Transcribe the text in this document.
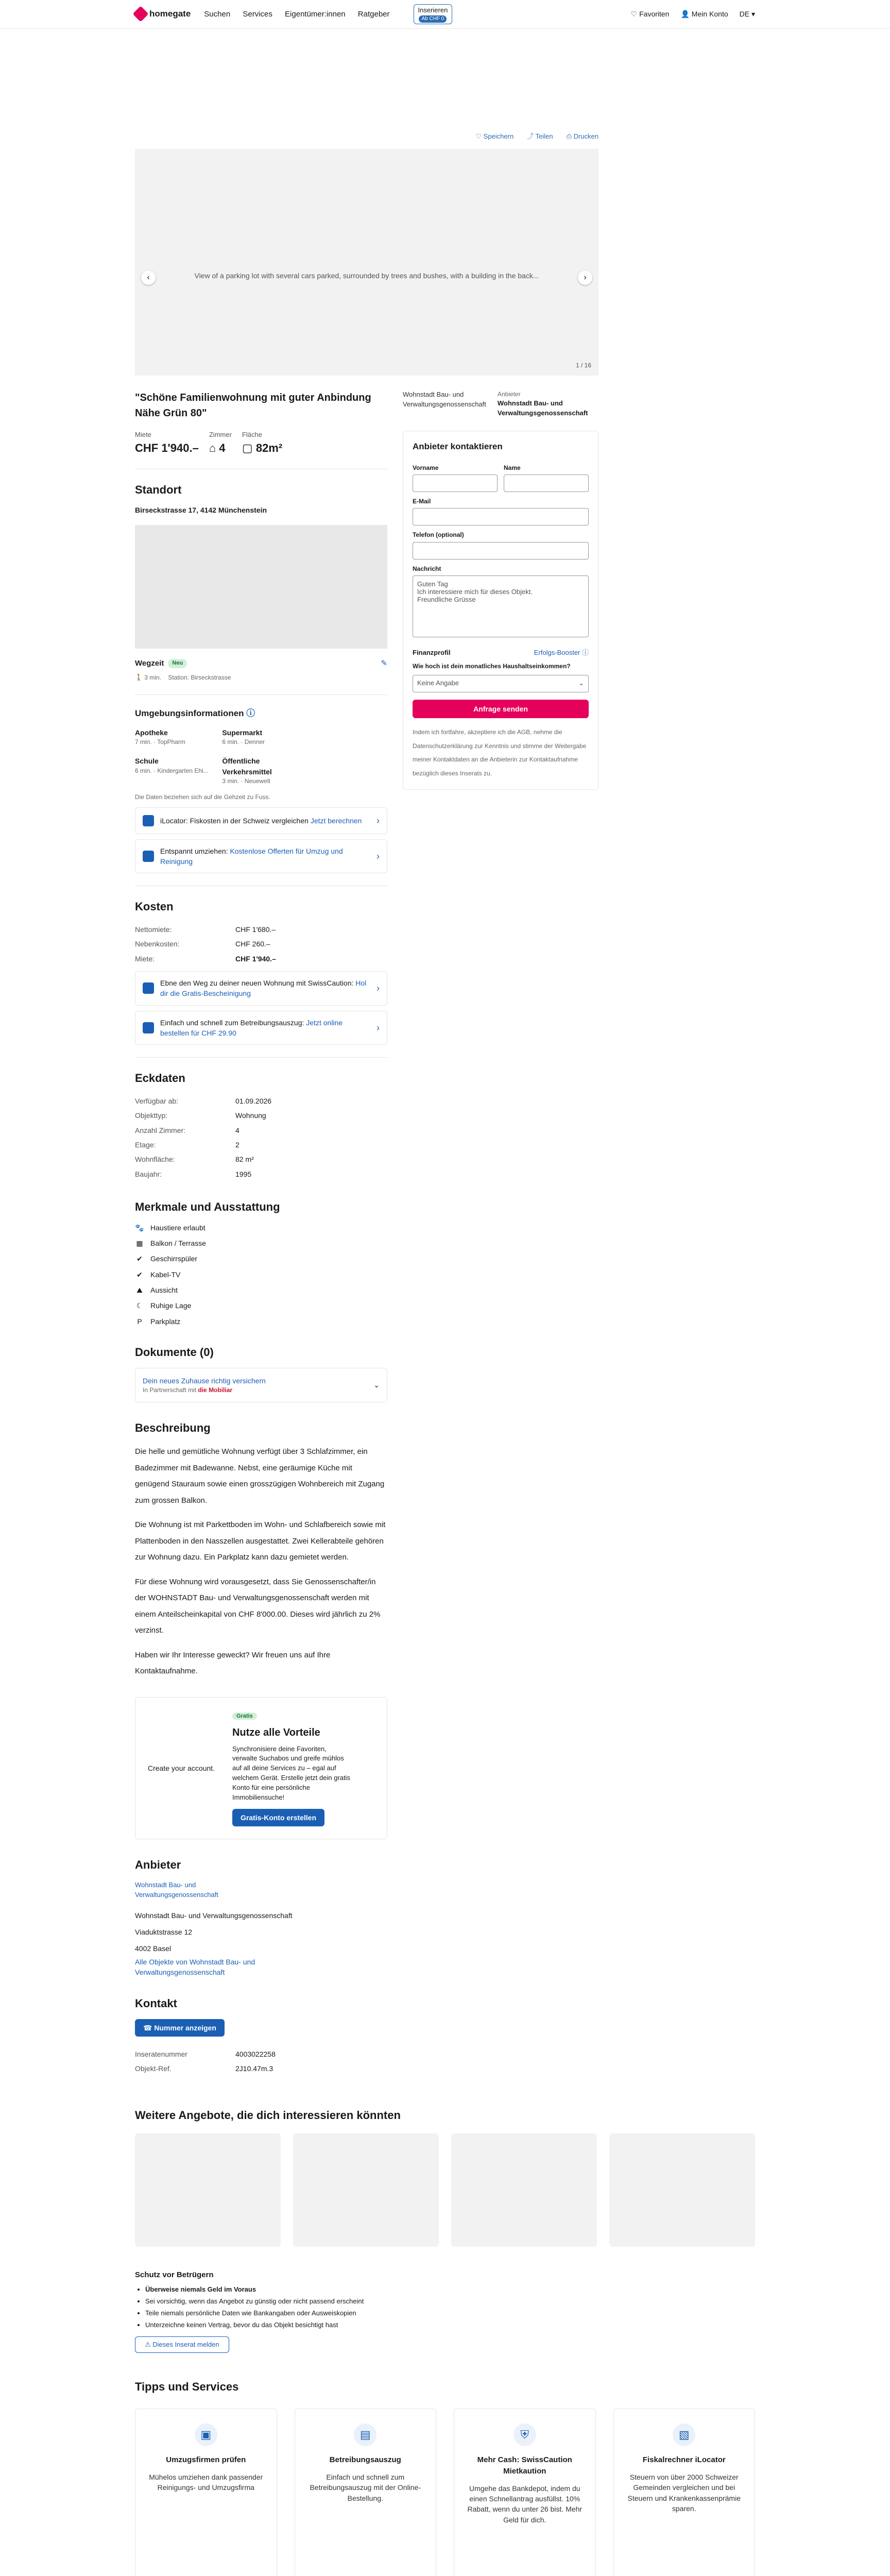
homegate Suchen Services Eigentümer:innen Ratgeber	Inserieren
Ab CHF 0
♡ Favoriten 👤 Mein Konto DE ▾
♡ Speichern ⤴ Teilen ⎙ Drucken
‹	View of a parking lot with several cars parked, surrounded by trees and bushes, with a building in the back...	›
1 / 16
"Schöne Familienwohnung mit guter Anbindung Nähe Grün 80"
Miete
CHF 1'940.–
Zimmer
⌂ 4
Fläche
▢ 82m²
Standort
Birseckstrasse 17, 4142 Münchenstein
Wegzeit	Neu	✎
🚶 3 min. Station: Birseckstrasse
Umgebungsinformationen ⓘ
Apotheke
7 min. · TopPharm
Supermarkt
6 min. · Denner
Schule
6 min. · Kindergarten Ehi...
Öffentliche Verkehrsmittel
3 min. · Neuewelt
Die Daten beziehen sich auf die Gehzeit zu Fuss.
iLocator: Fiskosten in der Schweiz vergleichen Jetzt berechnen ›
Entspannt umziehen: Kostenlose Offerten für Umzug und Reinigung
›
Kosten
Nettomiete:	CHF 1'680.–
Nebenkosten:	CHF 260.–
Miete:	CHF 1'940.–
Ebne den Weg zu deiner neuen Wohnung mit SwissCaution: Hol dir die Gratis-Bescheinigung
›
Einfach und schnell zum Betreibungsauszug: Jetzt online bestellen für CHF 29.90
›
Eckdaten
Verfügbar ab:	01.09.2026
Objekttyp:	Wohnung
Anzahl Zimmer:	4
Etage:	2
Wohnfläche:	82 m²
Baujahr:	1995
Merkmale und Ausstattung
🐾 Haustiere erlaubt
▦ Balkon / Terrasse
✔ Geschirrspüler
✔ Kabel-TV
⛰ Aussicht
☾ Ruhige Lage
P	Parkplatz
Dokumente (0)
Dein neues Zuhause richtig versichern
In Partnerschaft mit die Mobiliar
⌄
Beschreibung

Die helle und gemütliche Wohnung verfügt über 3 Schlafzimmer, ein Badezimmer mit Badewanne. Nebst, eine geräumige Küche mit genügend Stauraum sowie einen grosszügigen Wohnbereich mit Zugang zum grossen Balkon.

Die Wohnung ist mit Parkettboden im Wohn- und Schlafbereich sowie mit Plattenboden in den Nasszellen ausgestattet. Zwei Kellerabteile gehören zur Wohnung dazu. Ein Parkplatz kann dazu gemietet werden.

Für diese Wohnung wird vorausgesetzt, dass Sie Genossenschafter/in der WOHNSTADT Bau- und Verwaltungsgenossenschaft werden mit einem Anteilscheinkapital von CHF 8'000.00. Dieses wird jährlich zu 2% verzinst.

Haben wir Ihr Interesse geweckt? Wir freuen uns auf Ihre Kontaktaufnahme.

Create your account.
Gratis
Nutze alle Vorteile
Synchronisiere deine Favoriten, verwalte Suchabos und greife mühlos auf all deine Services zu – egal auf welchem Gerät. Erstelle jetzt dein gratis Konto für eine persönliche Immobiliensuche!
Gratis-Konto erstellen
Anbieter
Wohnstadt Bau- und Verwaltungsgenossenschaft
Wohnstadt Bau- und Verwaltungsgenossenschaft
Viaduktstrasse 12
4002 Basel
Alle Objekte von Wohnstadt Bau- und Verwaltungsgenossenschaft
Kontakt
☎ Nummer anzeigen
Inseratenummer	4003022258
Objekt-Ref.	2J10.47m.3
Wohnstadt Bau- und Verwaltungsgenossenschaft
Anbieter
Wohnstadt Bau- und Verwaltungsgenossenschaft
Anbieter kontaktieren
Vorname	Name
E-Mail
Telefon (optional)
Nachricht
Guten Tag Ich interessiere mich für dieses Objekt. Freundliche Grüsse
Finanzprofil	Erfolgs-Booster ⓘ
Wie hoch ist dein monatliches Haushaltseinkommen?
Keine Angabe	⌄
Anfrage senden

Indem ich fortfahre, akzeptiere ich die AGB, nehme die Datenschutzerklärung zur Kenntnis und stimme der Weitergabe meiner Kontaktdaten an die Anbieterin zur Kontaktaufnahme bezüglich dieses Inserats zu.

Weitere Angebote, die dich interessieren könnten
Schutz vor Betrügern
• Überweise niemals Geld im Voraus
• Sei vorsichtig, wenn das Angebot zu günstig oder nicht passend erscheint
• Teile niemals persönliche Daten wie Bankangaben oder Ausweiskopien
• Unterzeichne keinen Vertrag, bevor du das Objekt besichtigt hast
⚠ Dieses Inserat melden
Tipps und Services
▣
Umzugsfirmen prüfen
Mühelos umziehen dank passender Reinigungs- und Umzugsfirma
▤
Betreibungsauszug
Einfach und schnell zum Betreibungsauszug mit der Online-Bestellung.
⛨
Mehr Cash: SwissCaution Mietkaution
Umgehe das Bankdepot, indem du einen Schnellantrag ausfüllst. 10% Rabatt, wenn du unter 26 bist. Mehr Geld für dich.
▧
Fiskalrechner iLocator
Steuern von über 2000 Schweizer Gemeinden vergleichen und bei Steuern und Krankenkassenprämie sparen.
